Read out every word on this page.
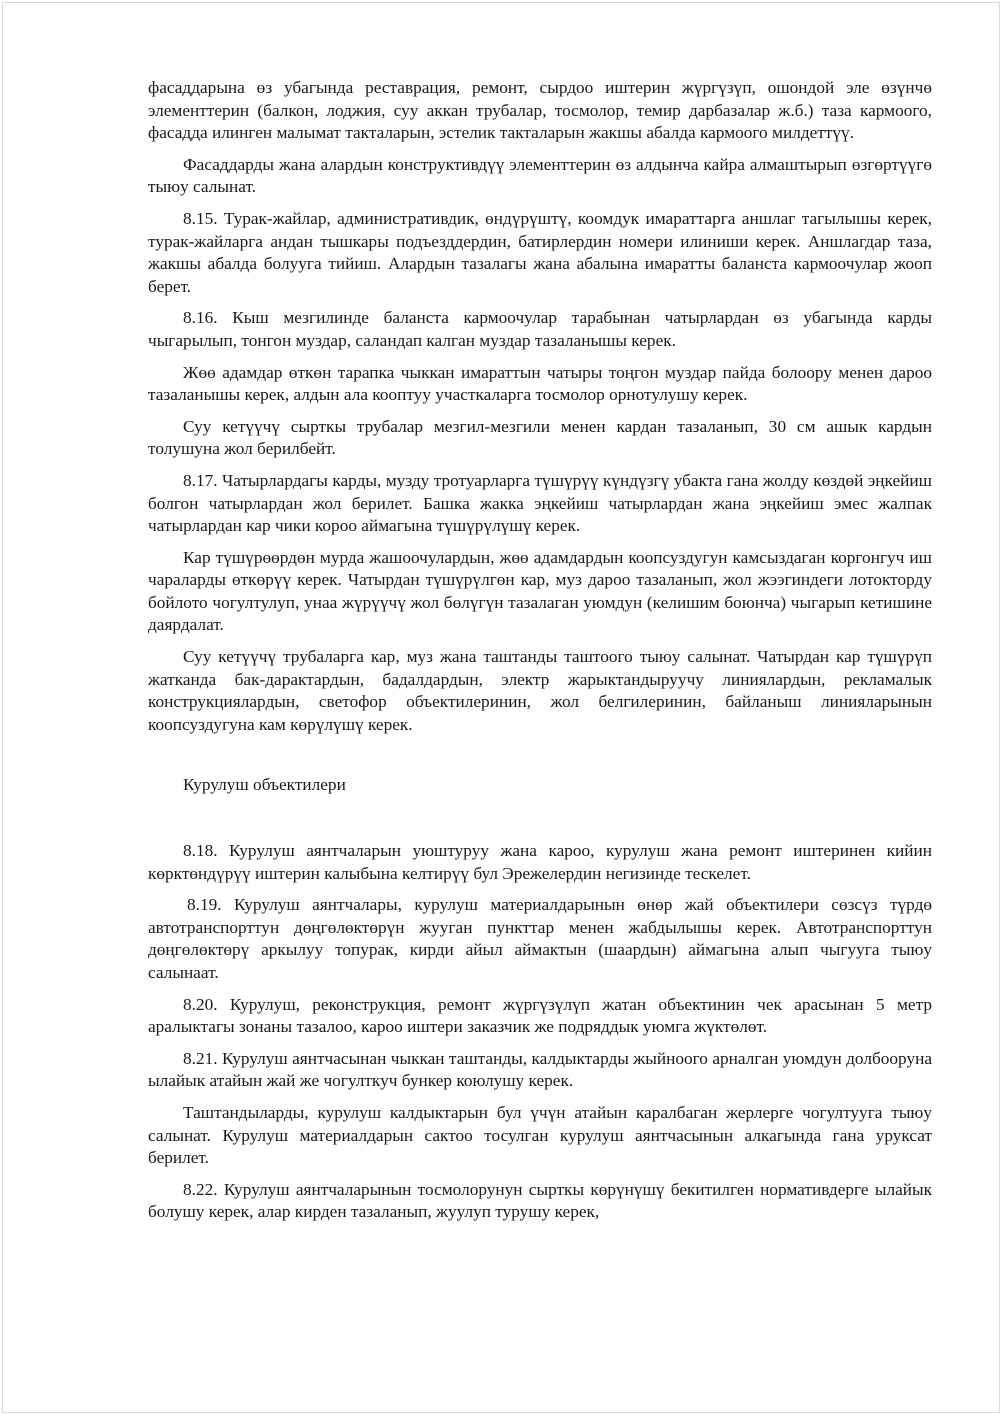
фасаддарына өз убагында реставрация, ремонт, сырдоо иштерин жүргүзүп, ошондой эле өзүнчө элементтерин (балкон, лоджия, суу аккан трубалар, тосмолор, темир дарбазалар ж.б.) таза кармоого, фасадда илинген малымат такталарын, эстелик такталарын жакшы абалда кармоого милдеттүү.

Фасаддарды жана алардын конструктивдүү элементтерин өз алдынча кайра алмаштырып өзгөртүүгө тыюу салынат.

8.15. Турак-жайлар, административдик, өндүрүштү, коомдук имараттарга аншлаг тагылышы керек, турак-жайларга андан тышкары подъезддердин, батирлердин номери илиниши керек. Аншлагдар таза, жакшы абалда болууга тийиш. Алардын тазалагы жана абалына имаратты баланста кармоочулар жооп берет.

8.16. Кыш мезгилинде баланста кармоочулар тарабынан чатырлардан өз убагында карды чыгарылып, тонгон муздар, саландап калган муздар тазаланышы керек.

Жөө адамдар өткөн тарапка чыккан имараттын чатыры тоңгон муздар пайда болоору менен дароо тазаланышы керек, алдын ала кооптуу участкаларга тосмолор орнотулушу керек.

Суу кетүүчү сырткы трубалар мезгил-мезгили менен кардан тазаланып, 30 см ашык кардын толушуна жол берилбейт.

8.17. Чатырлардагы карды, музду тротуарларга түшүрүү күндүзгү убакта гана жолду көздөй эңкейиш болгон чатырлардан жол берилет. Башка жакка эңкейиш чатырлардан жана эңкейиш эмес жалпак чатырлардан кар чики короо аймагына түшүрүлүшү керек.

Кар түшүрөөрдөн мурда жашоочулардын, жөө адамдардын коопсуздугун камсыздаган коргонгуч иш чараларды өткөрүү керек. Чатырдан түшүрүлгөн кар, муз дароо тазаланып, жол жээгиндеги лотокторду бойлото чогултулуп, унаа жүрүүчү жол бөлүгүн тазалаган уюмдун (келишим боюнча) чыгарып кетишине даярдалат.

Суу кетүүчү трубаларга кар, муз жана таштанды таштоого тыюу салынат. Чатырдан кар түшүрүп жатканда бак-дарактардын, бадалдардын, электр жарыктандыруучу линиялардын, рекламалык конструкциялардын, светофор объектилеринин, жол белгилеринин, байланыш линияларынын коопсуздугуна кам көрүлүшү керек.

Курулуш объектилери

8.18. Курулуш аянтчаларын уюштуруу жана кароо, курулуш жана ремонт иштеринен кийин көрктөндүрүү иштерин калыбына келтирүү бул Эрежелердин негизинде тескелет.

8.19. Курулуш аянтчалары, курулуш материалдарынын өнөр жай объектилери сөзсүз түрдө автотранспорттун дөңгөлөктөрүн жууган пункттар менен жабдылышы керек. Автотранспорттун дөңгөлөктөрү аркылуу топурак, кирди айыл аймактын (шаардын) аймагына алып чыгууга тыюу салынаат.

8.20. Курулуш, реконструкция, ремонт жүргүзүлүп жатан объектинин чек арасынан 5 метр аралыктагы зонаны тазалоо, кароо иштери заказчик же подряддык уюмга жүктөлөт.

8.21. Курулуш аянтчасынан чыккан таштанды, калдыктарды жыйноого арналган уюмдун долбооруна ылайык атайын жай же чогулткуч бункер коюлушу керек.

Таштандыларды, курулуш калдыктарын бул үчүн атайын каралбаган жерлерге чогултууга тыюу салынат. Курулуш материалдарын сактоо тосулган курулуш аянтчасынын алкагында гана уруксат берилет.

8.22. Курулуш аянтчаларынын тосмолорунун сырткы көрүнүшү бекитилген нормативдерге ылайык болушу керек, алар кирден тазаланып, жуулуп турушу керек,
